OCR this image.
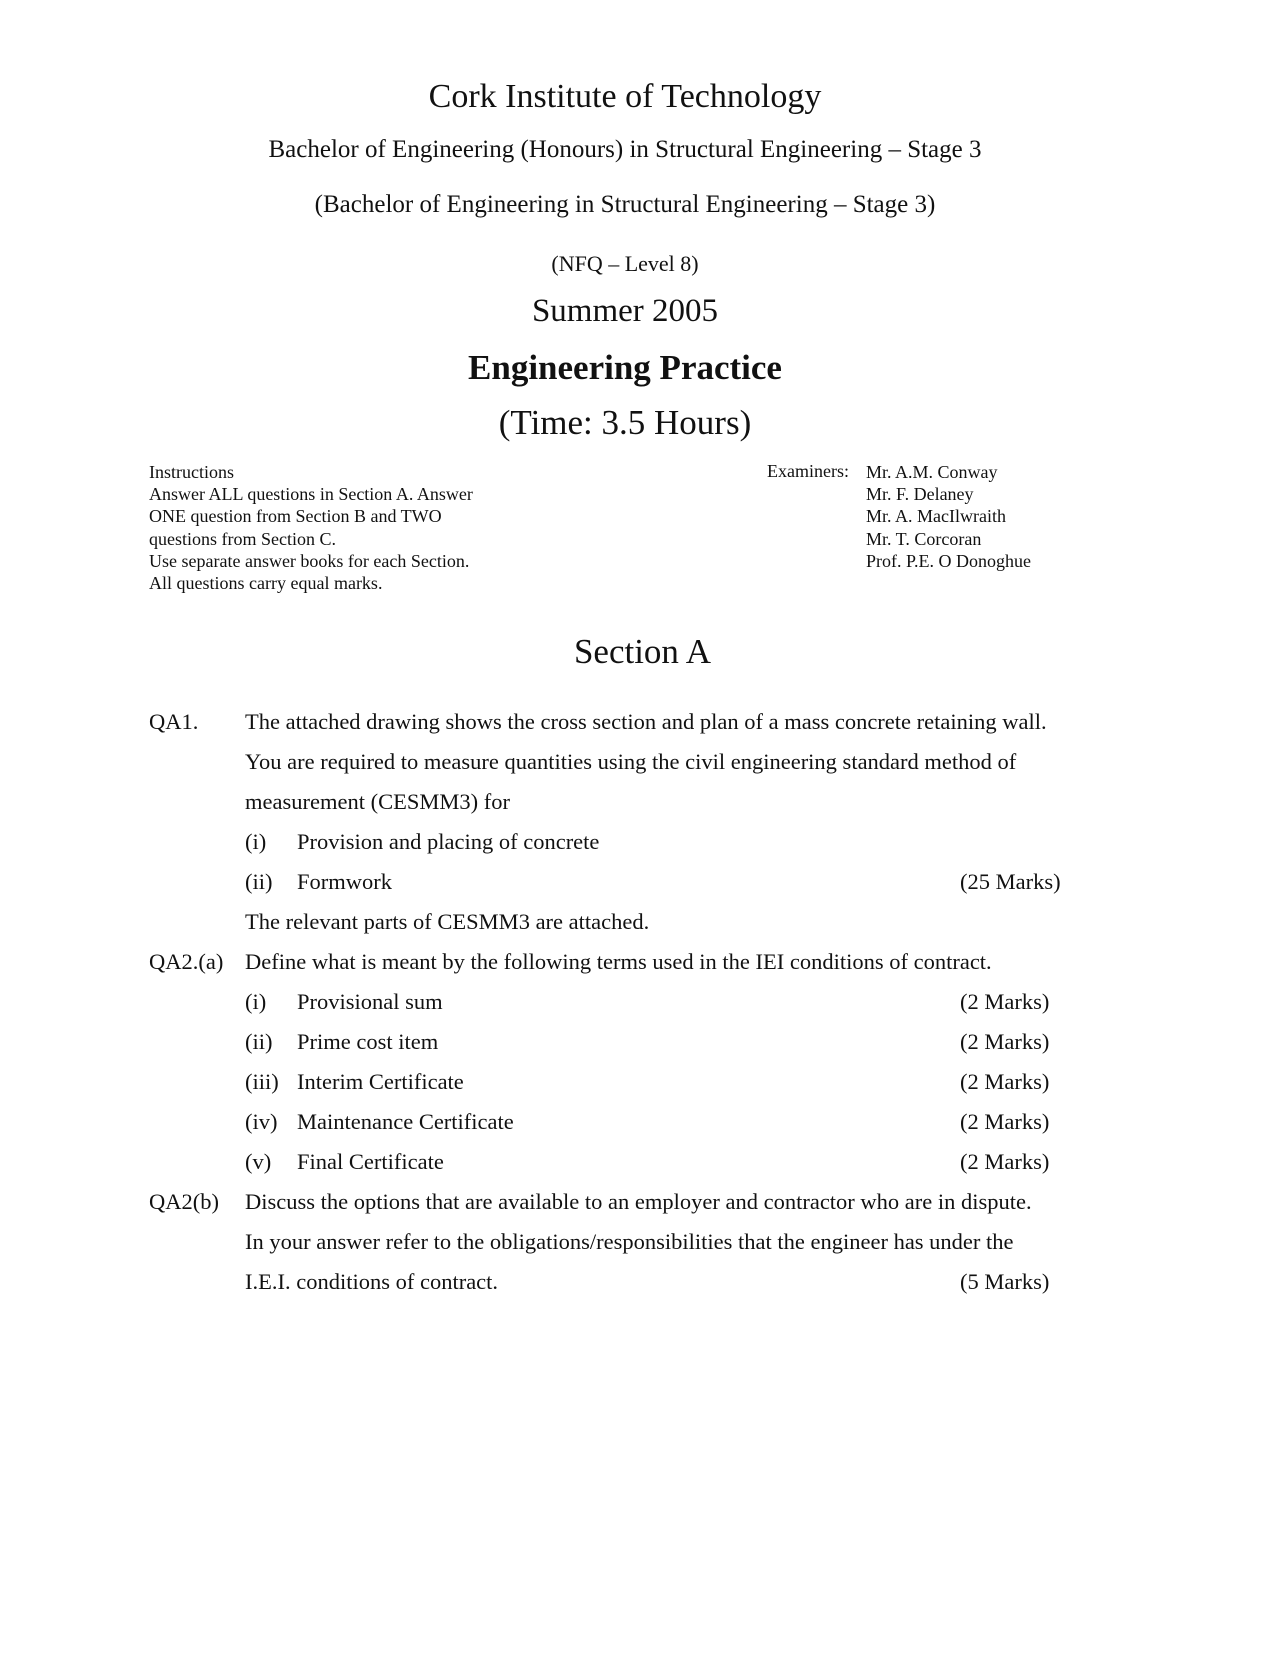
Cork Institute of Technology
Bachelor of Engineering (Honours) in Structural Engineering – Stage 3
(Bachelor of Engineering in Structural Engineering – Stage 3)
(NFQ – Level 8)
Summer 2005
Engineering Practice
(Time: 3.5 Hours)
Instructions
Answer ALL questions in Section A. Answer
ONE question from Section B and TWO
questions from Section C.
Use separate answer books for each Section.
All questions carry equal marks.
Examiners: Mr. A.M. Conway
Mr. F. Delaney
Mr. A. MacIlwraith
Mr. T. Corcoran
Prof. P.E. O Donoghue
Section A
QA1. The attached drawing shows the cross section and plan of a mass concrete retaining wall.
You are required to measure quantities using the civil engineering standard method of
measurement (CESMM3) for
(i) Provision and placing of concrete
(ii) Formwork	(25 Marks)
The relevant parts of CESMM3 are attached.
QA2.(a) Define what is meant by the following terms used in the IEI conditions of contract.
(i) Provisional sum	(2 Marks)
(ii) Prime cost item	(2 Marks)
(iii) Interim Certificate	(2 Marks)
(iv) Maintenance Certificate	(2 Marks)
(v) Final Certificate	(2 Marks)
QA2(b) Discuss the options that are available to an employer and contractor who are in dispute.
In your answer refer to the obligations/responsibilities that the engineer has under the
I.E.I. conditions of contract.	(5 Marks)
